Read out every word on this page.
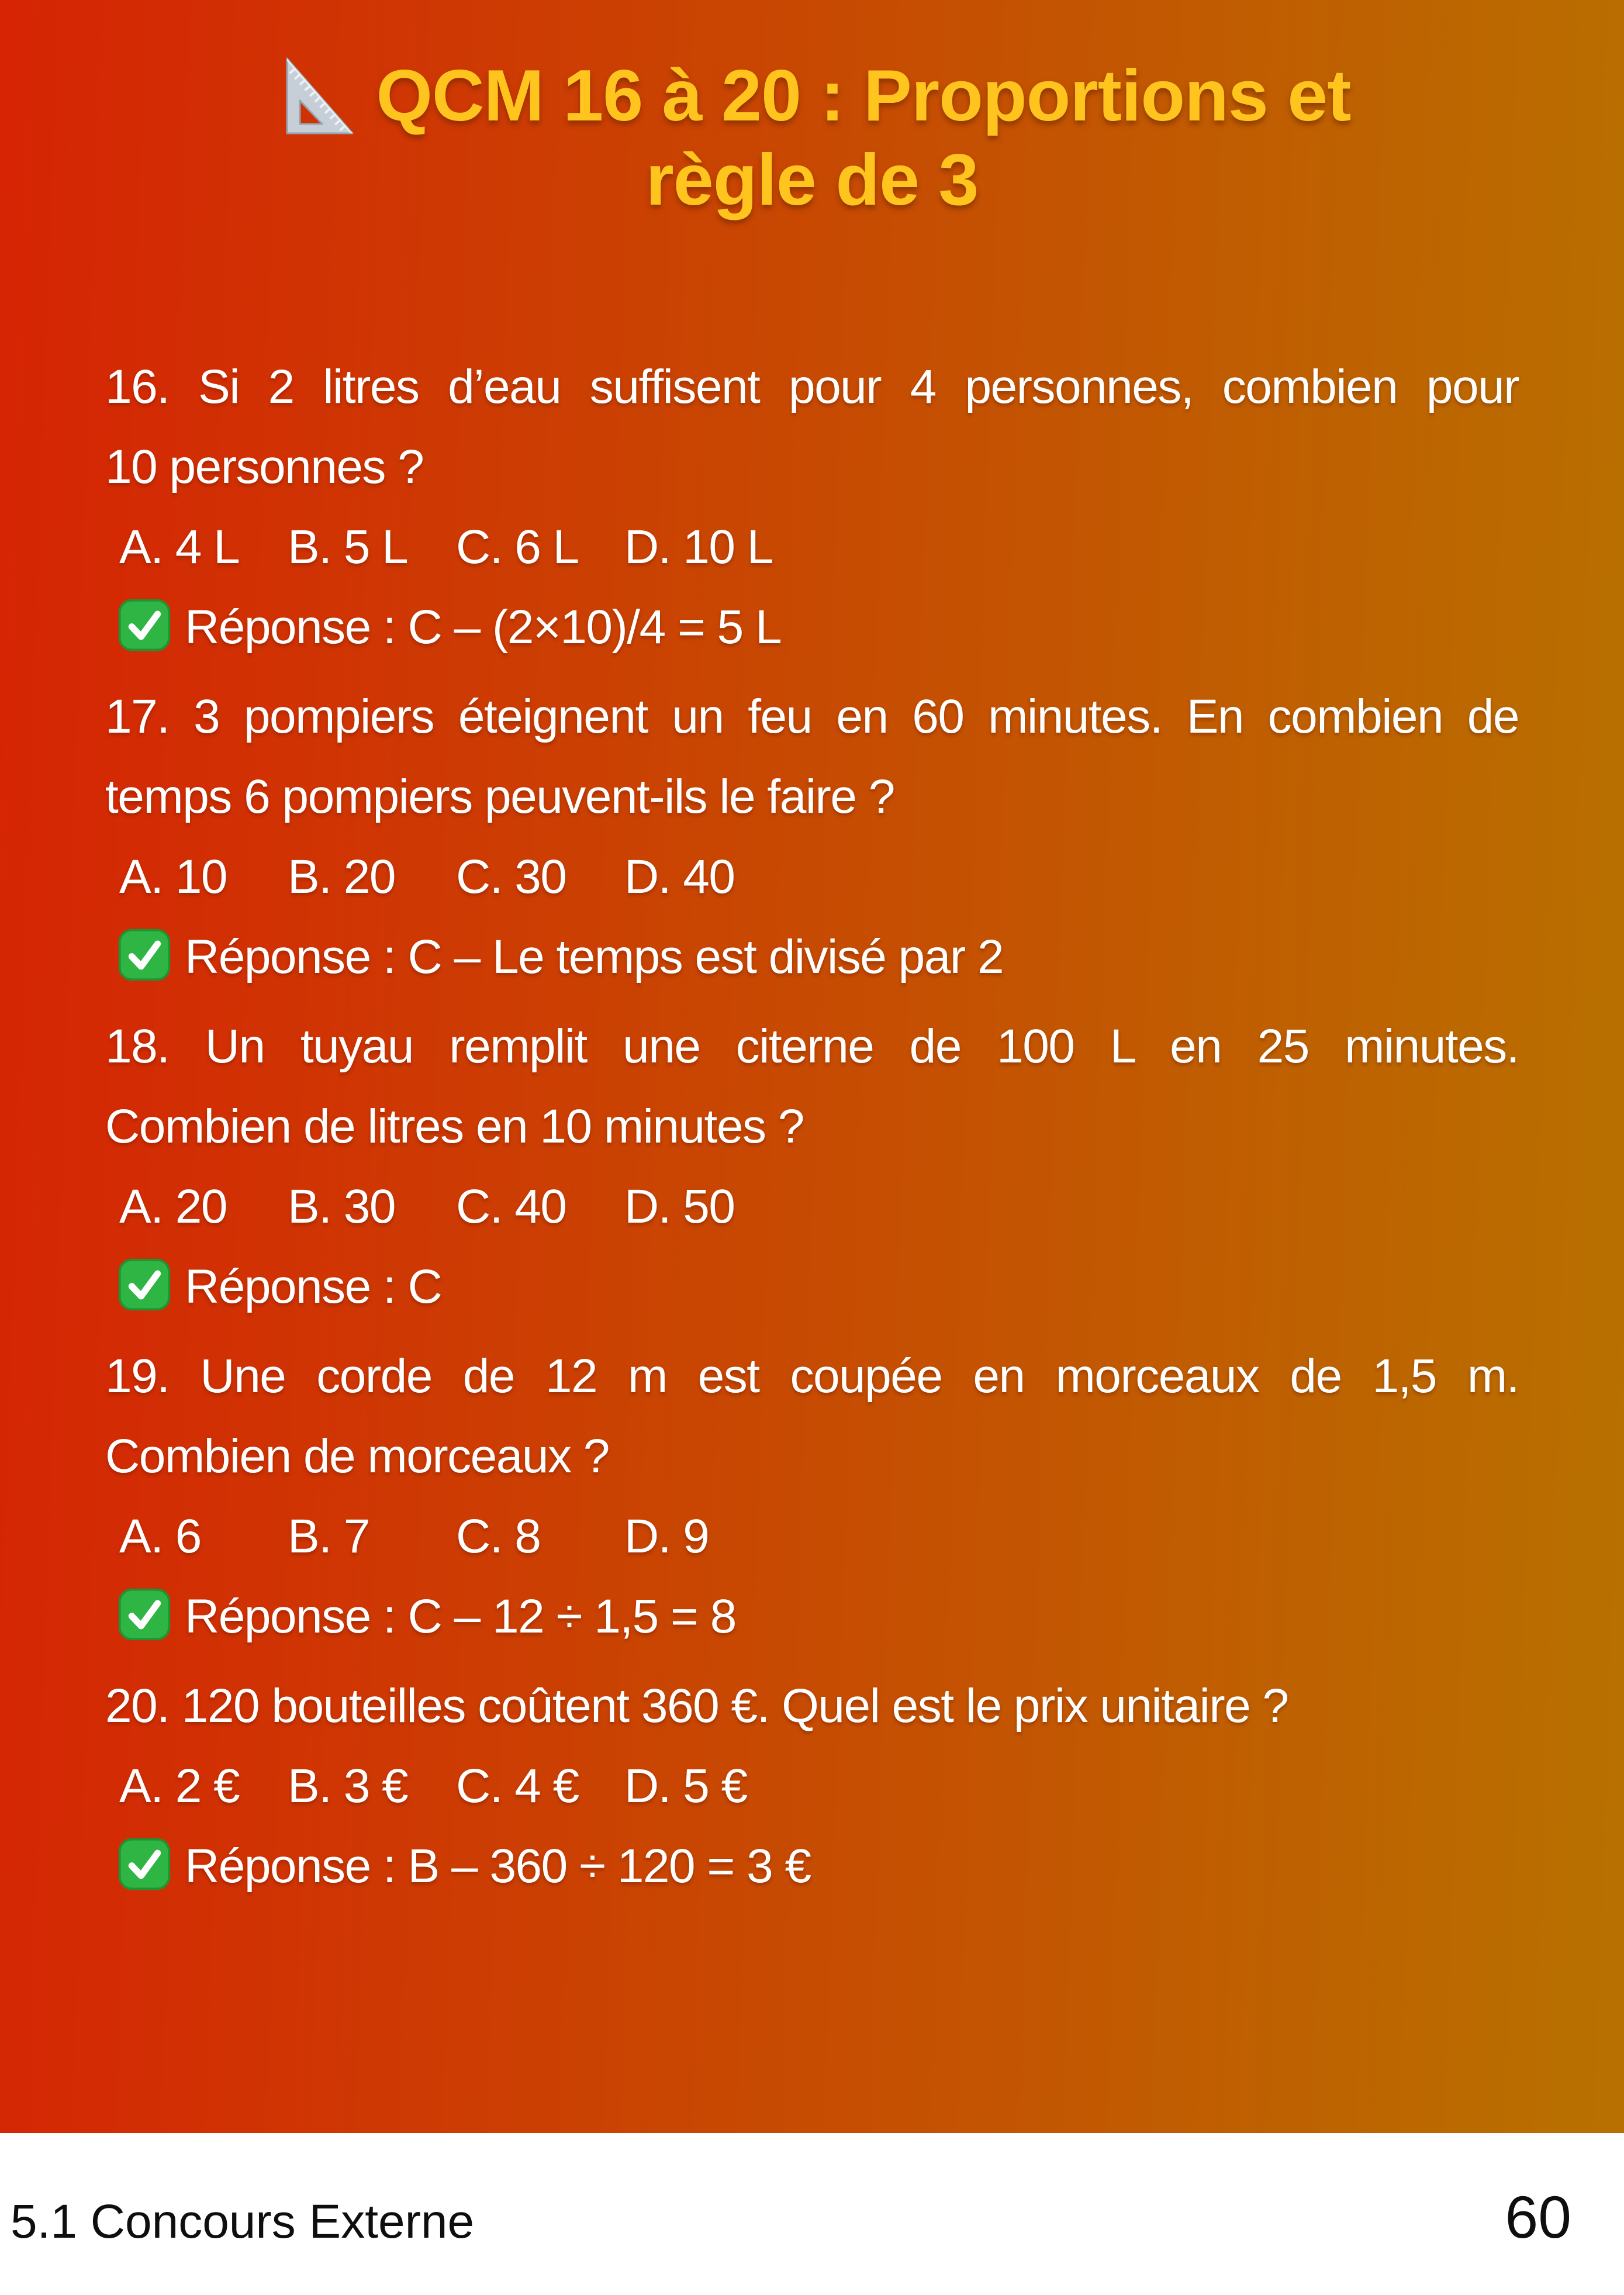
QCM 16 à 20 : Proportions et
règle de 3
16. Si 2 litres d’eau suffisent pour 4 personnes, combien pour
10 personnes ?
A. 4 L B. 5 L C. 6 L D. 10 L
Réponse : C – (2×10)/4 = 5 L
17. 3 pompiers éteignent un feu en 60 minutes. En combien de
temps 6 pompiers peuvent-ils le faire ?
A. 10 B. 20 C. 30 D. 40
Réponse : C – Le temps est divisé par 2
18. Un tuyau remplit une citerne de 100 L en 25 minutes.
Combien de litres en 10 minutes ?
A. 20 B. 30 C. 40 D. 50
Réponse : C
19. Une corde de 12 m est coupée en morceaux de 1,5 m.
Combien de morceaux ?
A. 6 B. 7 C. 8 D. 9
Réponse : C – 12 ÷ 1,5 = 8
20. 120 bouteilles coûtent 360 €. Quel est le prix unitaire ?
A. 2 € B. 3 € C. 4 € D. 5 €
Réponse : B – 360 ÷ 120 = 3 €
5.1 Concours Externe	60
